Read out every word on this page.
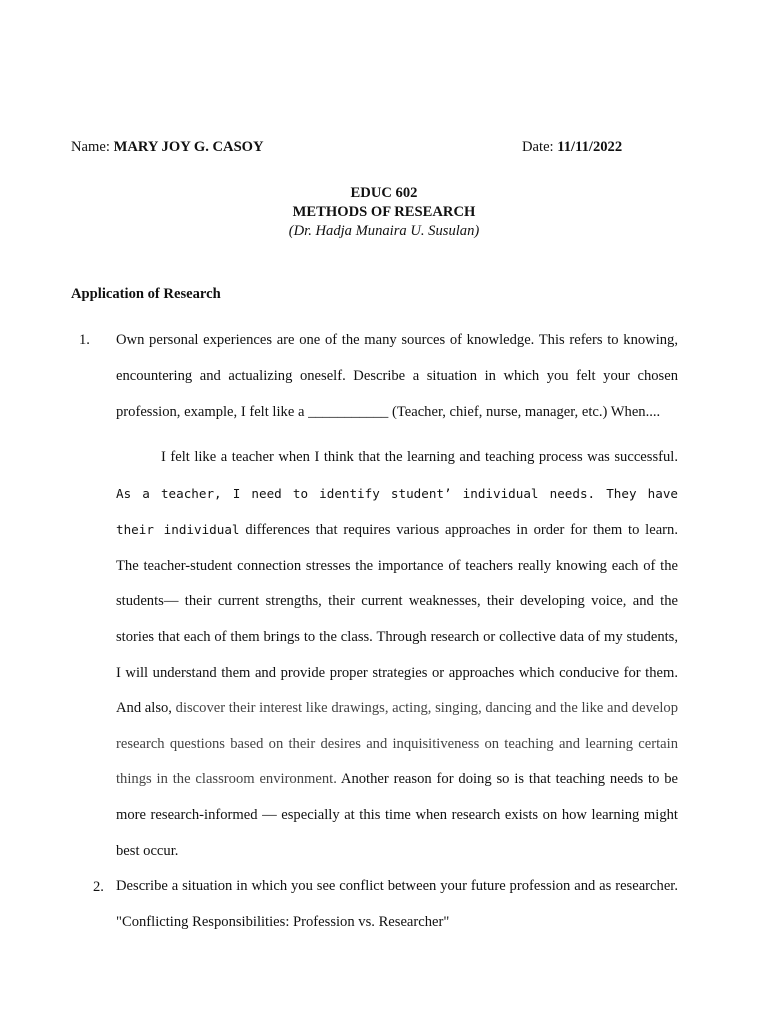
Name: MARY JOY G. CASOY	Date: 11/11/2022
EDUC 602
METHODS OF RESEARCH
(Dr. Hadja Munaira U. Susulan)
Application of Research
1. Own personal experiences are one of the many sources of knowledge. This refers to knowing, encountering and actualizing oneself. Describe a situation in which you felt your chosen profession, example, I felt like a ___________ (Teacher, chief, nurse, manager, etc.) When....
I felt like a teacher when I think that the learning and teaching process was successful. As a teacher, I need to identify student’ individual needs. They have their individual differences that requires various approaches in order for them to learn. The teacher-student connection stresses the importance of teachers really knowing each of the students— their current strengths, their current weaknesses, their developing voice, and the stories that each of them brings to the class. Through research or collective data of my students, I will understand them and provide proper strategies or approaches which conducive for them. And also, discover their interest like drawings, acting, singing, dancing and the like and develop research questions based on their desires and inquisitiveness on teaching and learning certain things in the classroom environment. Another reason for doing so is that teaching needs to be more research-informed — especially at this time when research exists on how learning might best occur.
2. Describe a situation in which you see conflict between your future profession and as researcher. "Conflicting Responsibilities: Profession vs. Researcher"
